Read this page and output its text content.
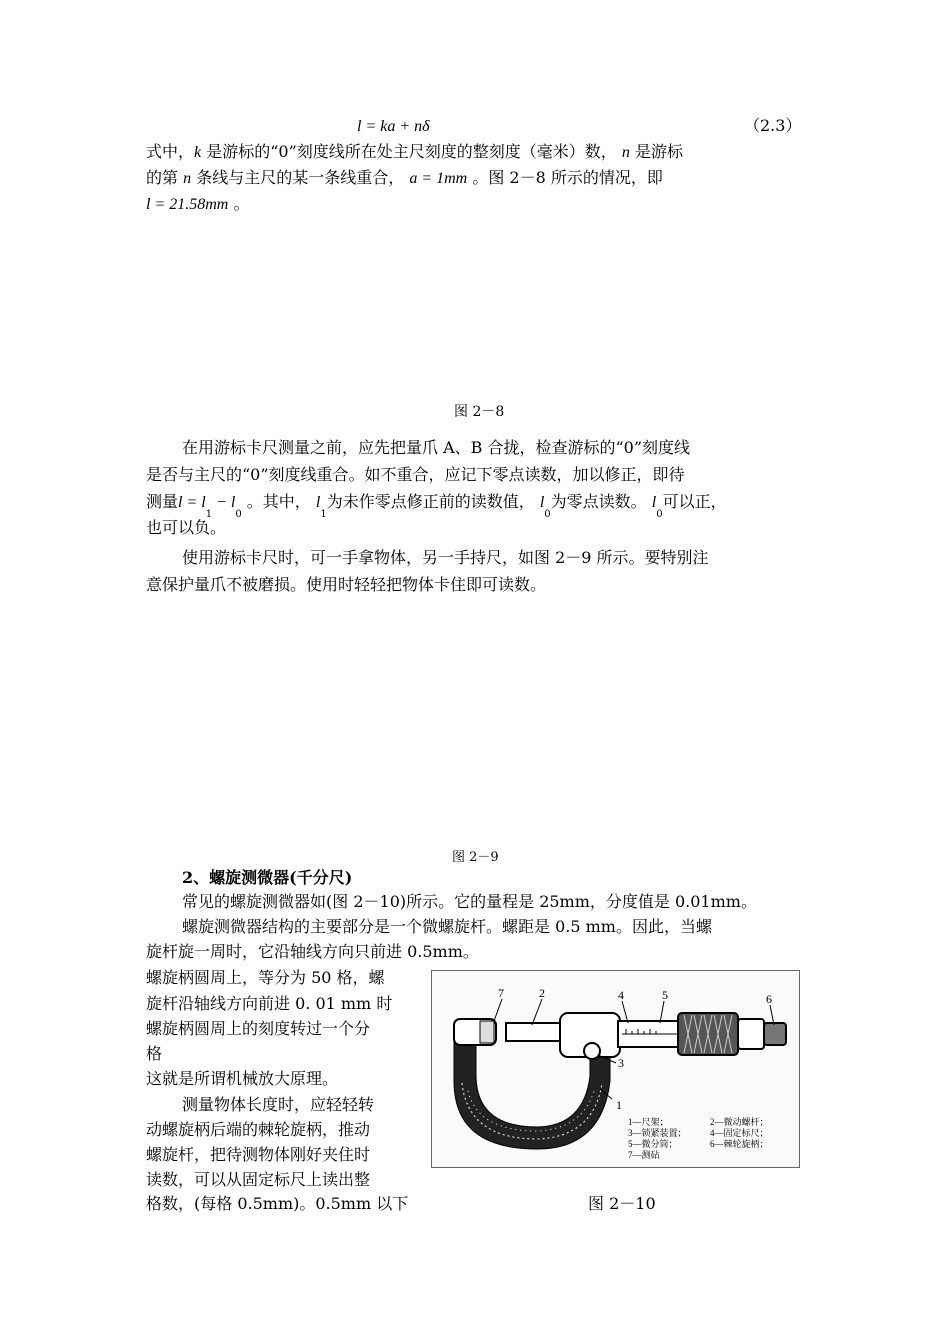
l = ka + nδ	（2.3）
式中，k 是游标的“0”刻度线所在处主尺刻度的整刻度（毫米）数， n 是游标
的第 n 条线与主尺的某一条线重合， a = 1mm 。图 2－8 所示的情况，即
l = 21.58mm 。
图 2－8
在用游标卡尺测量之前，应先把量爪 A、B 合拢，检查游标的“0”刻度线
是否与主尺的“0”刻度线重合。如不重合，应记下零点读数，加以修正，即待
测量$l = l_1 - l_0$ 。其中， $l_1$为未作零点修正前的读数值， $l_0$为零点读数。 $l_0$可以正，
也可以负。
使用游标卡尺时，可一手拿物体，另一手持尺，如图 2－9 所示。要特别注
意保护量爪不被磨损。使用时轻轻把物体卡住即可读数。
图 2－9
2、螺旋测微器(千分尺)
常见的螺旋测微器如(图 2－10)所示。它的量程是 25mm，分度值是 0.01mm。
螺旋测微器结构的主要部分是一个微螺旋杆。螺距是 0.5 mm。因此，当螺
旋杆旋一周时，它沿轴线方向只前进 0.5mm。
螺旋柄圆周上，等分为 50 格，螺
旋杆沿轴线方向前进 0. 01 mm 时
螺旋柄圆周上的刻度转过一个分
格
这就是所谓机械放大原理。
测量物体长度时，应轻轻转
动螺旋柄后端的棘轮旋柄，推动
螺旋杆，把待测物体刚好夹住时
读数，可以从固定标尺上读出整
格数，(每格 0.5mm)。0.5mm 以下
7	2	4	5	6
3
1
1—尺架；	2—微动螺杆；
3—锁紧装置；	4—固定标尺；
5—微分筒；	6—棘轮旋柄；
7—测砧
图 2－10
